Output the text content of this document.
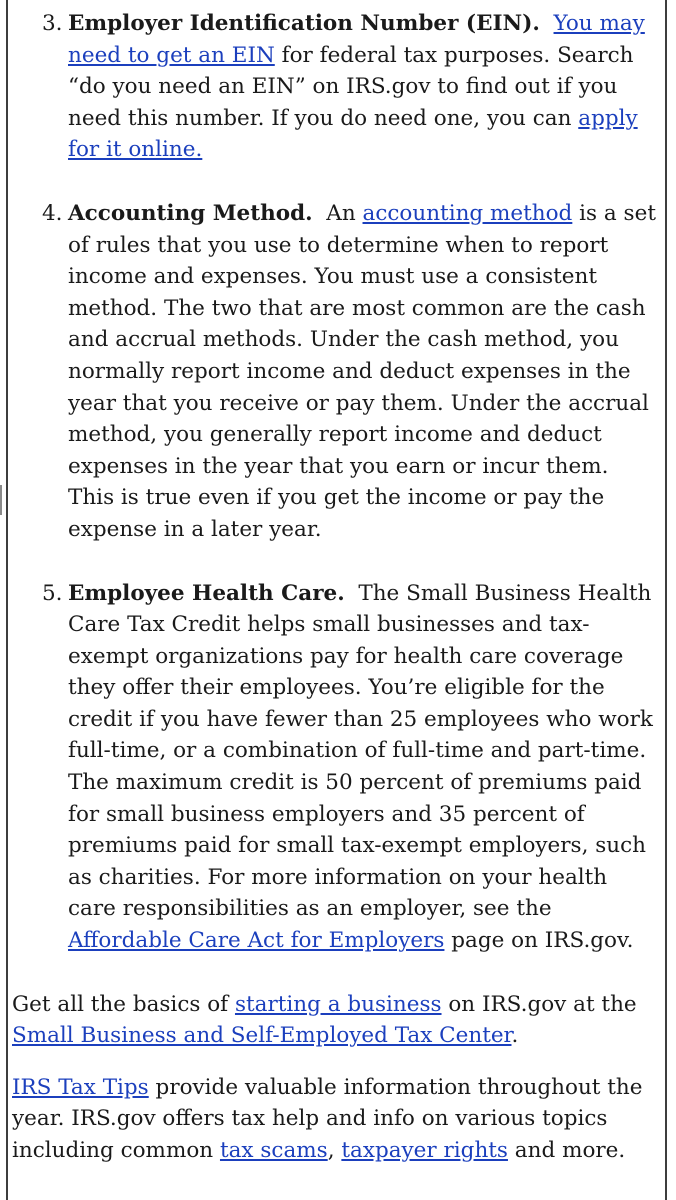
3. Employer Identification Number (EIN). You may need to get an EIN for federal tax purposes. Search “do you need an EIN” on IRS.gov to find out if you need this number. If you do need one, you can apply for it online.
4. Accounting Method. An accounting method is a set of rules that you use to determine when to report income and expenses. You must use a consistent method. The two that are most common are the cash and accrual methods. Under the cash method, you normally report income and deduct expenses in the year that you receive or pay them. Under the accrual method, you generally report income and deduct expenses in the year that you earn or incur them. This is true even if you get the income or pay the expense in a later year.
5. Employee Health Care. The Small Business Health Care Tax Credit helps small businesses and tax-exempt organizations pay for health care coverage they offer their employees. You’re eligible for the credit if you have fewer than 25 employees who work full-time, or a combination of full-time and part-time. The maximum credit is 50 percent of premiums paid for small business employers and 35 percent of premiums paid for small tax-exempt employers, such as charities. For more information on your health care responsibilities as an employer, see the Affordable Care Act for Employers page on IRS.gov.

Get all the basics of starting a business on IRS.gov at the Small Business and Self-Employed Tax Center.

IRS Tax Tips provide valuable information throughout the year. IRS.gov offers tax help and info on various topics including common tax scams, taxpayer rights and more.
